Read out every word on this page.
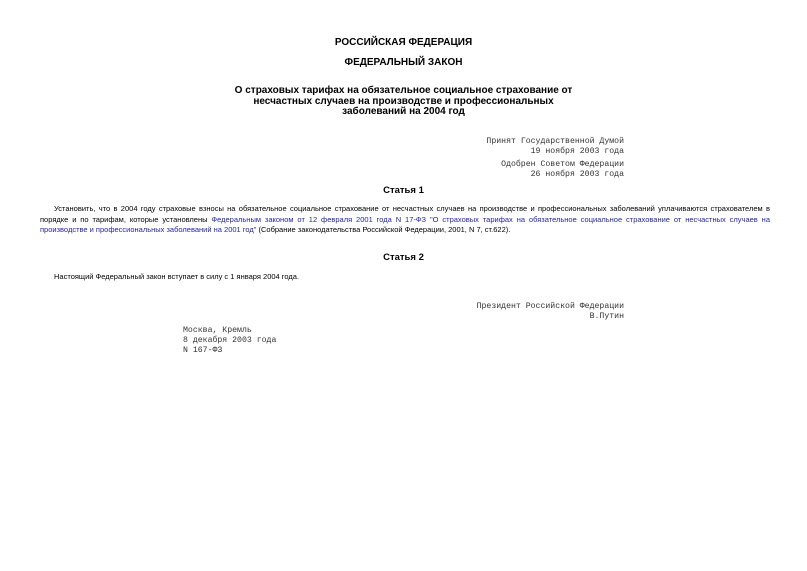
РОССИЙСКАЯ ФЕДЕРАЦИЯ
ФЕДЕРАЛЬНЫЙ ЗАКОН
О страховых тарифах на обязательное социальное страхование от
несчастных случаев на производстве и профессиональных
заболеваний на 2004 год
Принят Государственной Думой
19 ноября 2003 года
Одобрен Советом Федерации
26 ноября 2003 года
Статья 1
Установить, что в 2004 году страховые взносы на обязательное социальное страхование от несчастных случаев на производстве и профессиональных заболеваний уплачиваются страхователем в порядке и по тарифам, которые установлены Федеральным законом от 12 февраля 2001 года N 17-ФЗ "О страховых тарифах на обязательное социальное страхование от несчастных случаев на производстве и профессиональных заболеваний на 2001 год" (Собрание законодательства Российской Федерации, 2001, N 7, ст.622).
Статья 2
Настоящий Федеральный закон вступает в силу с 1 января 2004 года.
Президент Российской Федерации
В.Путин
Москва, Кремль
8 декабря 2003 года
N 167-ФЗ
